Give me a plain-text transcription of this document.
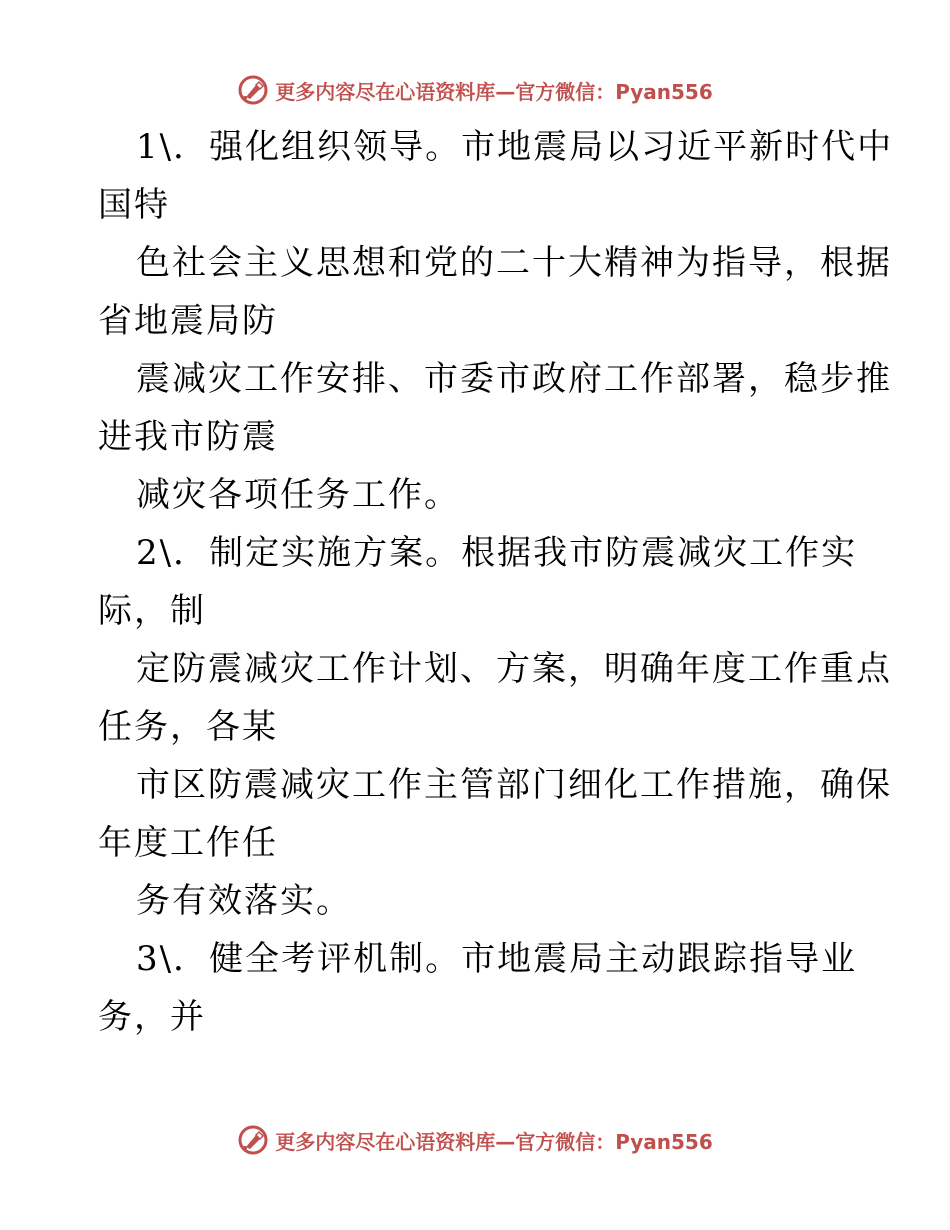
更多内容尽在心语资料库—官方微信：Pyan556
1\．强化组织领导。市地震局以习近平新时代中
国特
色社会主义思想和党的二十大精神为指导，根据
省地震局防
震减灾工作安排、市委市政府工作部署，稳步推
进我市防震
减灾各项任务工作。
2\．制定实施方案。根据我市防震减灾工作实
际，制
定防震减灾工作计划、方案，明确年度工作重点
任务，各某
市区防震减灾工作主管部门细化工作措施，确保
年度工作任
务有效落实。
3\．健全考评机制。市地震局主动跟踪指导业
务，并
更多内容尽在心语资料库—官方微信：Pyan556
